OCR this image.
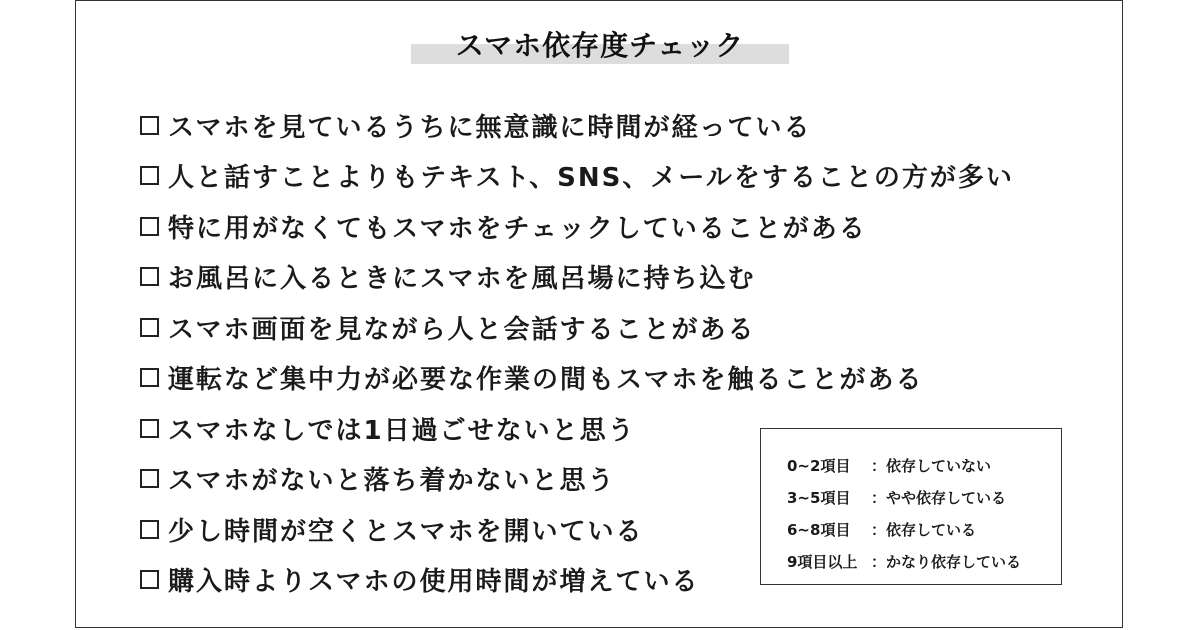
スマホ依存度チェック
スマホを見ているうちに無意識に時間が経っている
人と話すことよりもテキスト、SNS、メールをすることの方が多い
特に用がなくてもスマホをチェックしていることがある
お風呂に入るときにスマホを風呂場に持ち込む
スマホ画面を見ながら人と会話することがある
運転など集中力が必要な作業の間もスマホを触ることがある
スマホなしでは1日過ごせないと思う
スマホがないと落ち着かないと思う
少し時間が空くとスマホを開いている
購入時よりスマホの使用時間が増えている
0~2項目	：依存していない
3~5項目	：やや依存している
6~8項目	：依存している
9項目以上 ：かなり依存している
